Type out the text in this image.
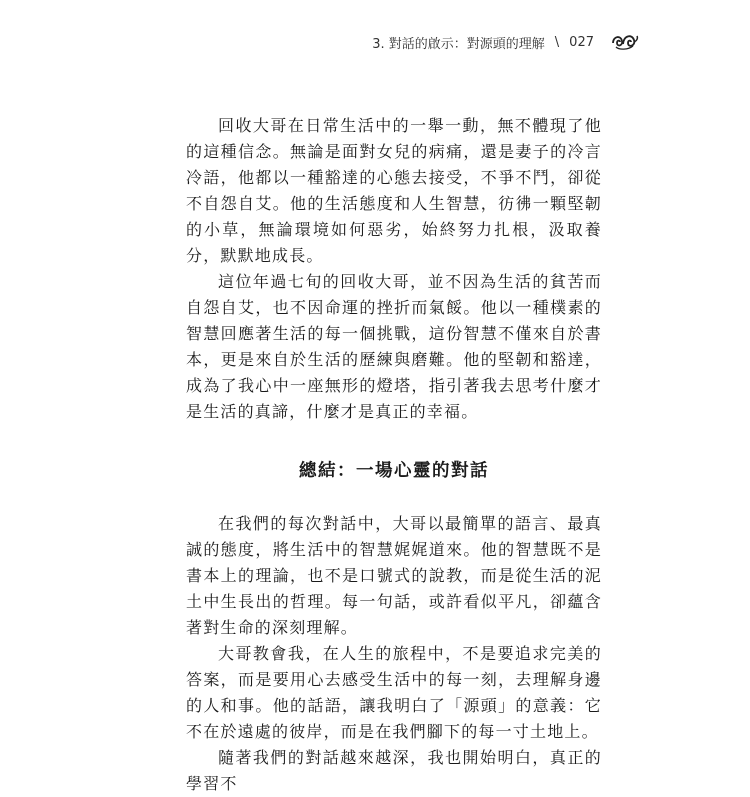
3. 對話的啟示：對源頭的理解 \ 027

回收大哥在日常生活中的一舉一動，無不體現了他的這種信念。無論是面對女兒的病痛，還是妻子的冷言冷語，他都以一種豁達的心態去接受，不爭不鬥，卻從不自怨自艾。他的生活態度和人生智慧，彷彿一顆堅韌的小草，無論環境如何惡劣，始終努力扎根，汲取養分，默默地成長。

這位年過七旬的回收大哥，並不因為生活的貧苦而自怨自艾，也不因命運的挫折而氣餒。他以一種樸素的智慧回應著生活的每一個挑戰，這份智慧不僅來自於書本，更是來自於生活的歷練與磨難。他的堅韌和豁達，成為了我心中一座無形的燈塔，指引著我去思考什麼才是生活的真諦，什麼才是真正的幸福。

總結：一場心靈的對話

在我們的每次對話中，大哥以最簡單的語言、最真誠的態度，將生活中的智慧娓娓道來。他的智慧既不是書本上的理論，也不是口號式的說教，而是從生活的泥土中生長出的哲理。每一句話，或許看似平凡，卻蘊含著對生命的深刻理解。

大哥教會我，在人生的旅程中，不是要追求完美的答案，而是要用心去感受生活中的每一刻，去理解身邊的人和事。他的話語，讓我明白了「源頭」的意義：它不在於遠處的彼岸，而是在我們腳下的每一寸土地上。

隨著我們的對話越來越深，我也開始明白，真正的學習不
